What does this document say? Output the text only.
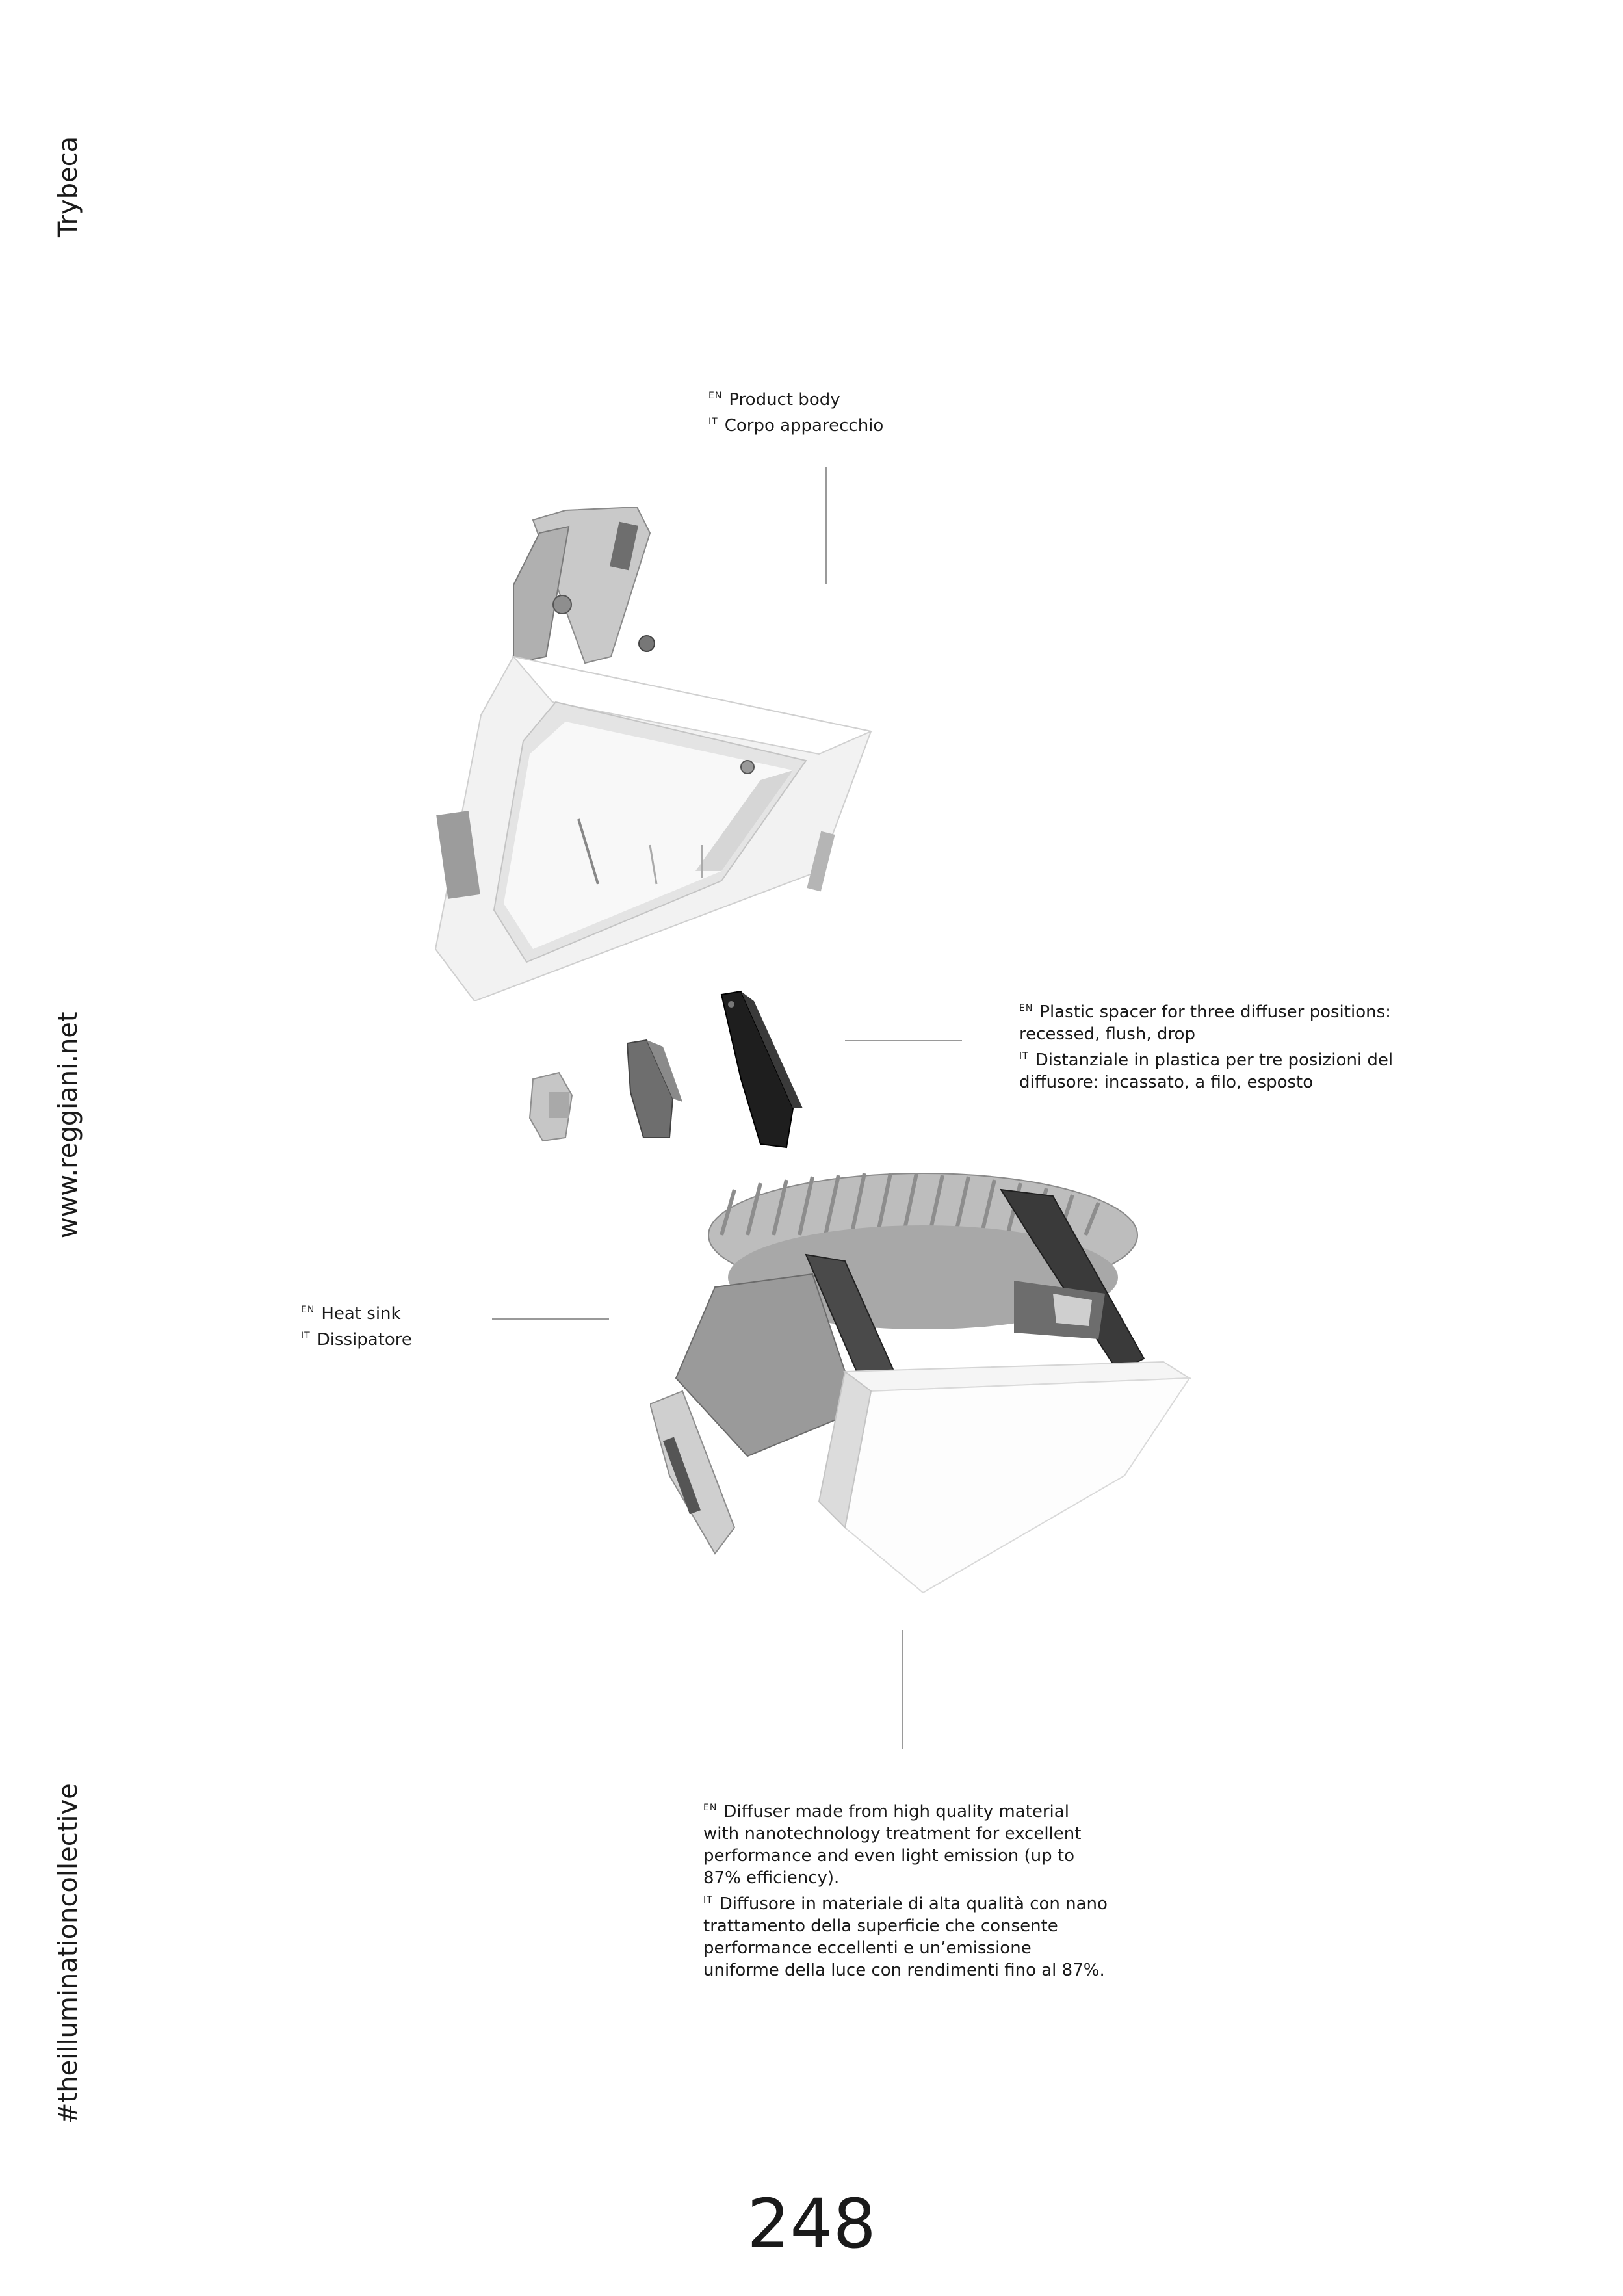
Trybeca
www.reggiani.net
#theilluminationcollective
$^{EN}$ Product body
$^{IT}$ Corpo apparecchio
$^{EN}$ Plastic spacer for three diffuser positions:
recessed, flush, drop
$^{IT}$ Distanziale in plastica per tre posizioni del
diffusore: incassato, a filo, esposto
$^{EN}$ Heat sink
$^{IT}$ Dissipatore
$^{EN}$ Diffuser made from high quality material
with nanotechnology treatment for excellent
performance and even light emission (up to
87% efficiency).
$^{IT}$ Diffusore in materiale di alta qualità con nano
trattamento della superficie che consente
performance eccellenti e un’emissione
uniforme della luce con rendimenti fino al 87%.
248
